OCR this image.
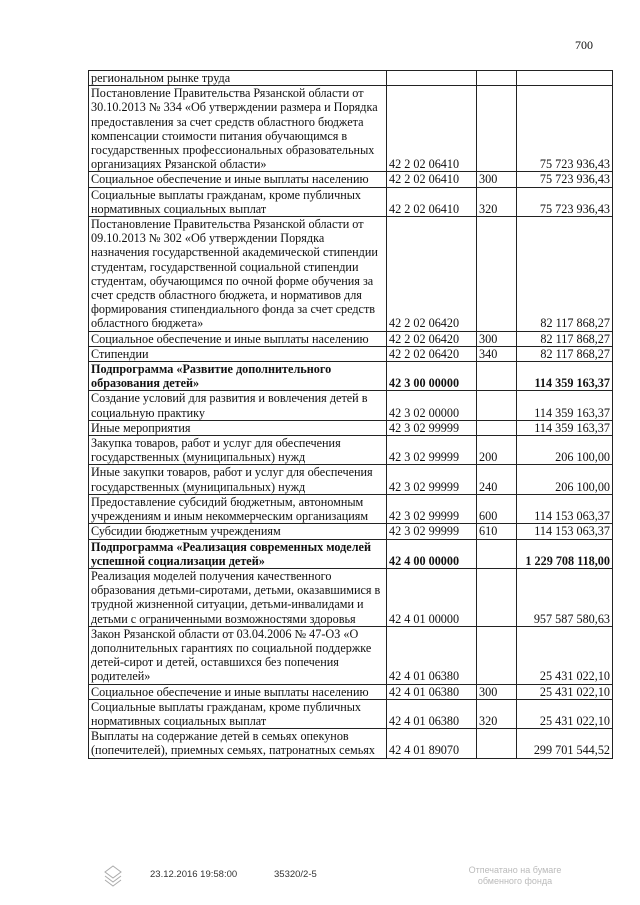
700
региональном рынке труда			
Постановление Правительства Рязанской области от 30.10.2013 № 334 «Об утверждении размера и Порядка предоставления за счет средств областного бюджета компенсации стоимости питания обучающимся в государственных профессиональных образовательных организациях Рязанской области»	42 2 02 06410		75 723 936,43
Социальное обеспечение и иные выплаты населению	42 2 02 06410	300	75 723 936,43
Социальные выплаты гражданам, кроме публичных нормативных социальных выплат	42 2 02 06410	320	75 723 936,43
Постановление Правительства Рязанской области от 09.10.2013 № 302 «Об утверждении Порядка назначения государственной академической стипендии студентам, государственной социальной стипендии студентам, обучающимся по очной форме обучения за счет средств областного бюджета, и нормативов для формирования стипендиального фонда за счет средств областного бюджета»	42 2 02 06420		82 117 868,27
Социальное обеспечение и иные выплаты населению	42 2 02 06420	300	82 117 868,27
Стипендии	42 2 02 06420	340	82 117 868,27
Подпрограмма «Развитие дополнительного образования детей»	42 3 00 00000		114 359 163,37
Создание условий для развития и вовлечения детей в социальную практику	42 3 02 00000		114 359 163,37
Иные мероприятия	42 3 02 99999		114 359 163,37
Закупка товаров, работ и услуг для обеспечения государственных (муниципальных) нужд	42 3 02 99999	200	206 100,00
Иные закупки товаров, работ и услуг для обеспечения государственных (муниципальных) нужд	42 3 02 99999	240	206 100,00
Предоставление субсидий бюджетным, автономным учреждениям и иным некоммерческим организациям	42 3 02 99999	600	114 153 063,37
Субсидии бюджетным учреждениям	42 3 02 99999	610	114 153 063,37
Подпрограмма «Реализация современных моделей успешной социализации детей»	42 4 00 00000		1 229 708 118,00
Реализация моделей получения качественного образования детьми-сиротами, детьми, оказавшимися в трудной жизненной ситуации, детьми-инвалидами и детьми с ограниченными возможностями здоровья	42 4 01 00000		957 587 580,63
Закон Рязанской области от 03.04.2006 № 47-ОЗ «О дополнительных гарантиях по социальной поддержке детей-сирот и детей, оставшихся без попечения родителей»	42 4 01 06380		25 431 022,10
Социальное обеспечение и иные выплаты населению	42 4 01 06380	300	25 431 022,10
Социальные выплаты гражданам, кроме публичных нормативных социальных выплат	42 4 01 06380	320	25 431 022,10
Выплаты на содержание детей в семьях опекунов (попечителей), приемных семьях, патронатных семьях	42 4 01 89070		299 701 544,52
23.12.2016 19:58:00	35320/2-5	Отпечатано на бумаге
обменного фонда
